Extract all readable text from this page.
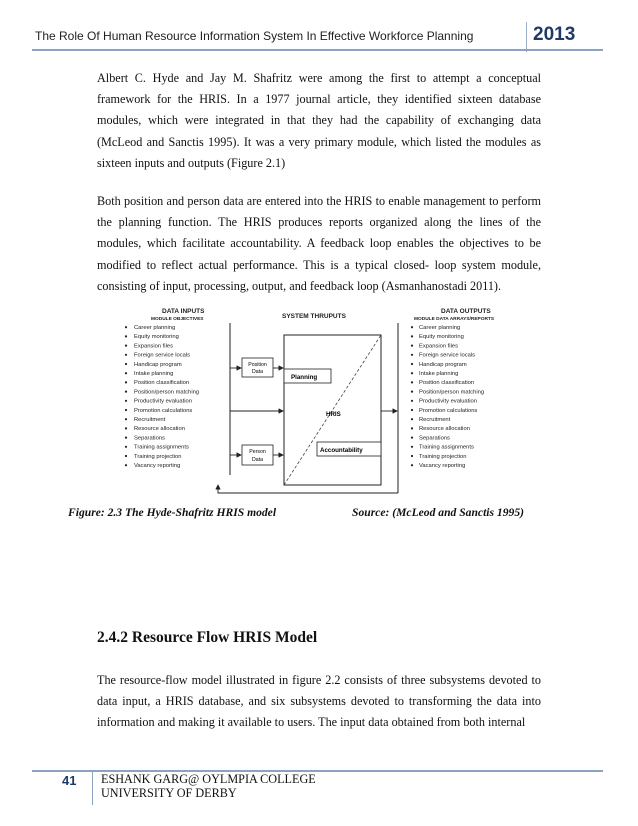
The Role Of Human Resource Information System In Effective Workforce Planning	2013

Albert C. Hyde and Jay M. Shafritz were among the first to attempt a conceptual framework for the HRIS. In a 1977 journal article, they identified sixteen database modules, which were integrated in that they had the capability of exchanging data (McLeod and Sanctis 1995). It was a very primary module, which listed the modules as sixteen inputs and outputs (Figure 2.1)

Both position and person data are entered into the HRIS to enable management to perform the planning function. The HRIS produces reports organized along the lines of the modules, which facilitate accountability. A feedback loop enables the objectives to be modified to reflect actual performance. This is a typical closed- loop system module, consisting of input, processing, output, and feedback loop (Asmanhanostadi 2011).

DATA INPUTS
MODULE OBJECTIVES	SYSTEM THRUPUTS
DATA OUTPUTS
MODULE DATA ARRAYS/REPORTS
Career planning
Equity monitoring
Expansion files
Foreign service locals
Handicap program
Intake planning
Position classification
Position/person matching
Productivity evaluation
Promotion calculations
Recruitment
Resource allocation
Separations
Training assignments
Training projection
Vacancy reporting
Career planning
Equity monitoring
Expansion files
Foreign service locals
Handicap program
Intake planning
Position classification
Position/person matching
Productivity evaluation
Promotion calculations
Recruitment
Resource allocation
Separations
Training assignments
Training projection
Vacancy reporting
Position
Data
Person
Data
Planning
HRIS
Accountability
Figure: 2.3 The Hyde-Shafritz HRIS model	Source: (McLeod and Sanctis 1995)
2.4.2 Resource Flow HRIS Model

The resource-flow model illustrated in figure 2.2 consists of three subsystems devoted to data input, a HRIS database, and six subsystems devoted to transforming the data into information and making it available to users. The input data obtained from both internal

41	ESHANK GARG@ OYLMPIA COLLEGE
UNIVERSITY OF DERBY
